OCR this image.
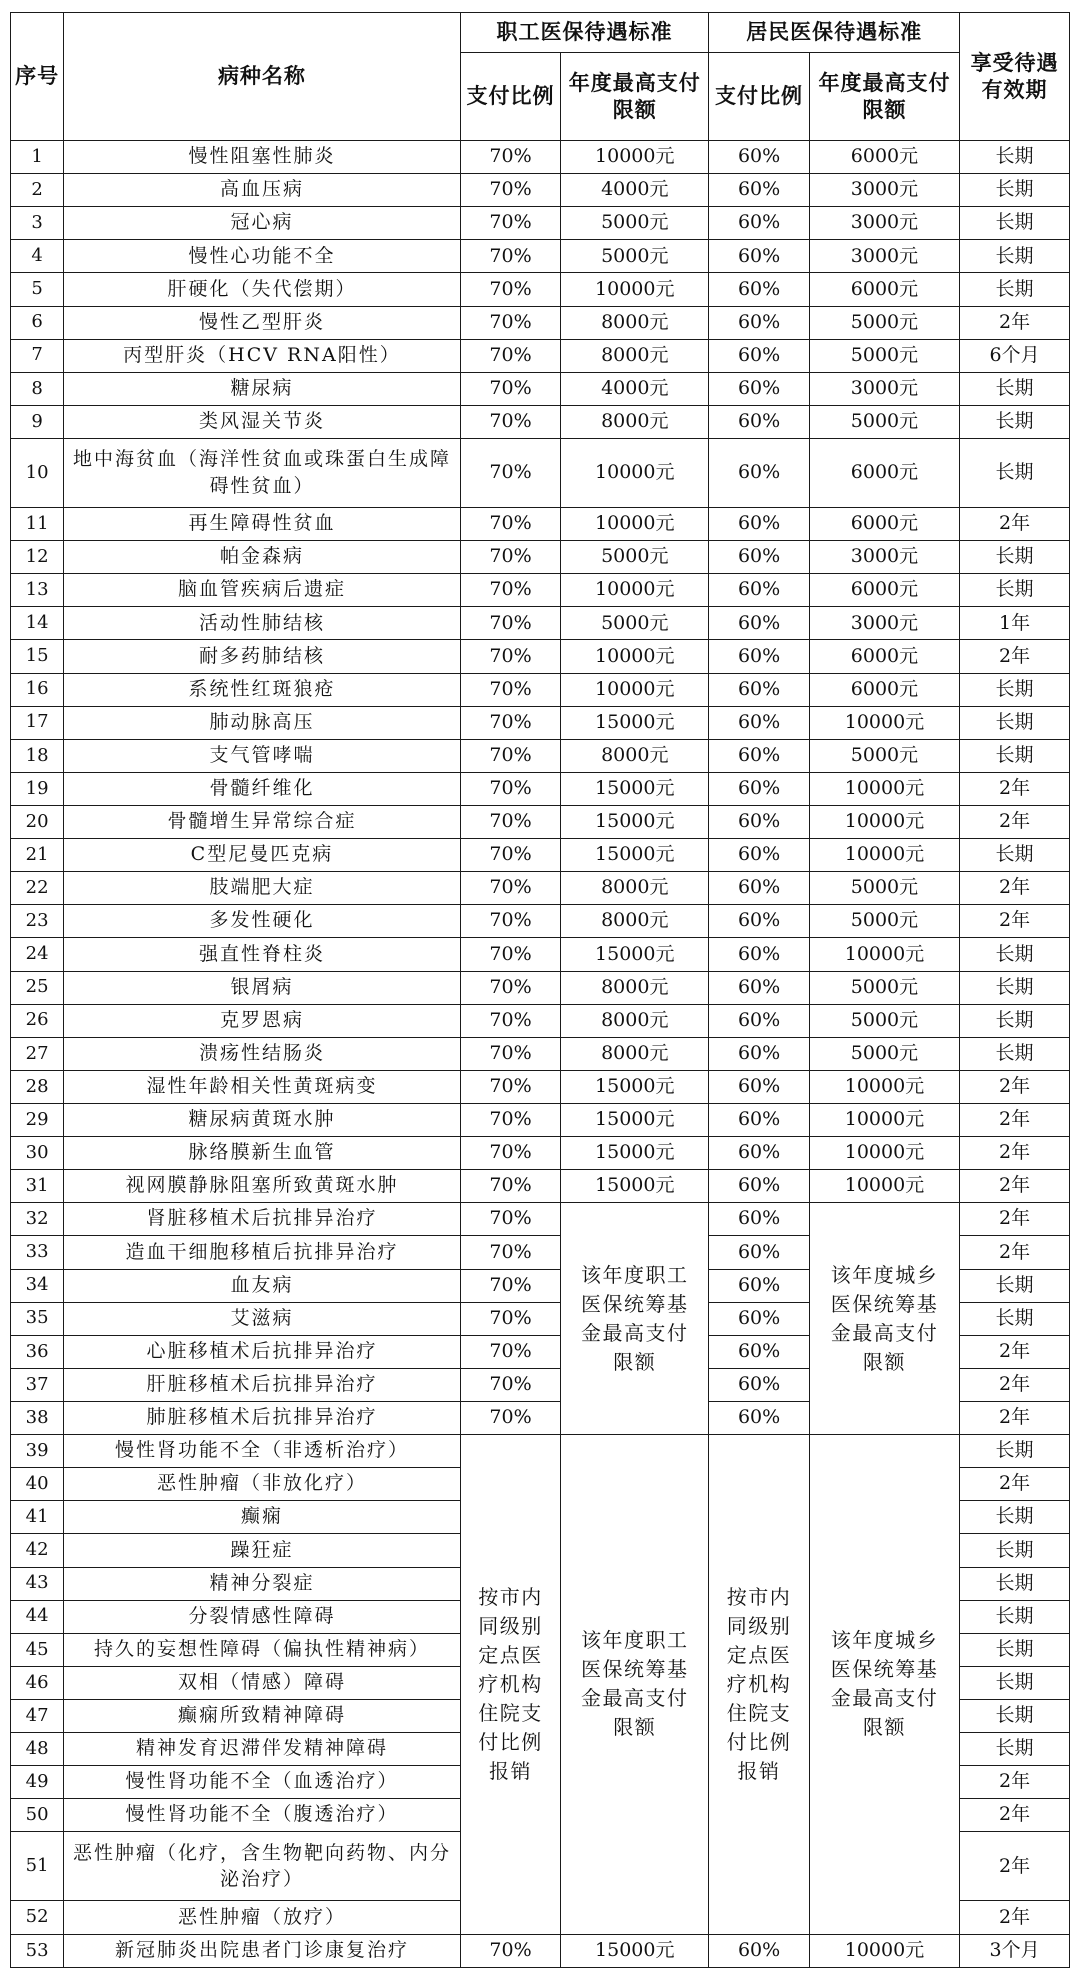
序号	病种名称	职工医保待遇标准		居民医保待遇标准		享受待遇有效期
		支付比例	年度最高支付限额	支付比例	年度最高支付限额	
1	慢性阻塞性肺炎	70%	10000元	60%	6000元	长期
2	高血压病	70%	4000元	60%	3000元	长期
3	冠心病	70%	5000元	60%	3000元	长期
4	慢性心功能不全	70%	5000元	60%	3000元	长期
5	肝硬化（失代偿期）	70%	10000元	60%	6000元	长期
6	慢性乙型肝炎	70%	8000元	60%	5000元	2年
7	丙型肝炎（HCV RNA阳性）	70%	8000元	60%	5000元	6个月
8	糖尿病	70%	4000元	60%	3000元	长期
9	类风湿关节炎	70%	8000元	60%	5000元	长期
10	地中海贫血（海洋性贫血或珠蛋白生成障碍性贫血）	70%	10000元	60%	6000元	长期
11	再生障碍性贫血	70%	10000元	60%	6000元	2年
12	帕金森病	70%	5000元	60%	3000元	长期
13	脑血管疾病后遗症	70%	10000元	60%	6000元	长期
14	活动性肺结核	70%	5000元	60%	3000元	1年
15	耐多药肺结核	70%	10000元	60%	6000元	2年
16	系统性红斑狼疮	70%	10000元	60%	6000元	长期
17	肺动脉高压	70%	15000元	60%	10000元	长期
18	支气管哮喘	70%	8000元	60%	5000元	长期
19	骨髓纤维化	70%	15000元	60%	10000元	2年
20	骨髓增生异常综合症	70%	15000元	60%	10000元	2年
21	C型尼曼匹克病	70%	15000元	60%	10000元	长期
22	肢端肥大症	70%	8000元	60%	5000元	2年
23	多发性硬化	70%	8000元	60%	5000元	2年
24	强直性脊柱炎	70%	15000元	60%	10000元	长期
25	银屑病	70%	8000元	60%	5000元	长期
26	克罗恩病	70%	8000元	60%	5000元	长期
27	溃疡性结肠炎	70%	8000元	60%	5000元	长期
28	湿性年龄相关性黄斑病变	70%	15000元	60%	10000元	2年
29	糖尿病黄斑水肿	70%	15000元	60%	10000元	2年
30	脉络膜新生血管	70%	15000元	60%	10000元	2年
31	视网膜静脉阻塞所致黄斑水肿	70%	15000元	60%	10000元	2年
32	肾脏移植术后抗排异治疗	70%	该年度职工医保统筹基金最高支付限额	60%	该年度城乡医保统筹基金最高支付限额	2年
33	造血干细胞移植后抗排异治疗	70%		60%		2年
34	血友病	70%		60%		长期
35	艾滋病	70%		60%		长期
36	心脏移植术后抗排异治疗	70%		60%		2年
37	肝脏移植术后抗排异治疗	70%		60%		2年
38	肺脏移植术后抗排异治疗	70%		60%		2年
39	慢性肾功能不全（非透析治疗）	按市内同级别定点医疗机构住院支付比例报销	该年度职工医保统筹基金最高支付限额	按市内同级别定点医疗机构住院支付比例报销	该年度城乡医保统筹基金最高支付限额	长期
40	恶性肿瘤（非放化疗）					2年
41	癫痫					长期
42	躁狂症					长期
43	精神分裂症					长期
44	分裂情感性障碍					长期
45	持久的妄想性障碍（偏执性精神病）					长期
46	双相（情感）障碍					长期
47	癫痫所致精神障碍					长期
48	精神发育迟滞伴发精神障碍					长期
49	慢性肾功能不全（血透治疗）					2年
50	慢性肾功能不全（腹透治疗）					2年
51	恶性肿瘤（化疗，含生物靶向药物、内分泌治疗）					2年
52	恶性肿瘤（放疗）					2年
53	新冠肺炎出院患者门诊康复治疗	70%	15000元	60%	10000元	3个月
